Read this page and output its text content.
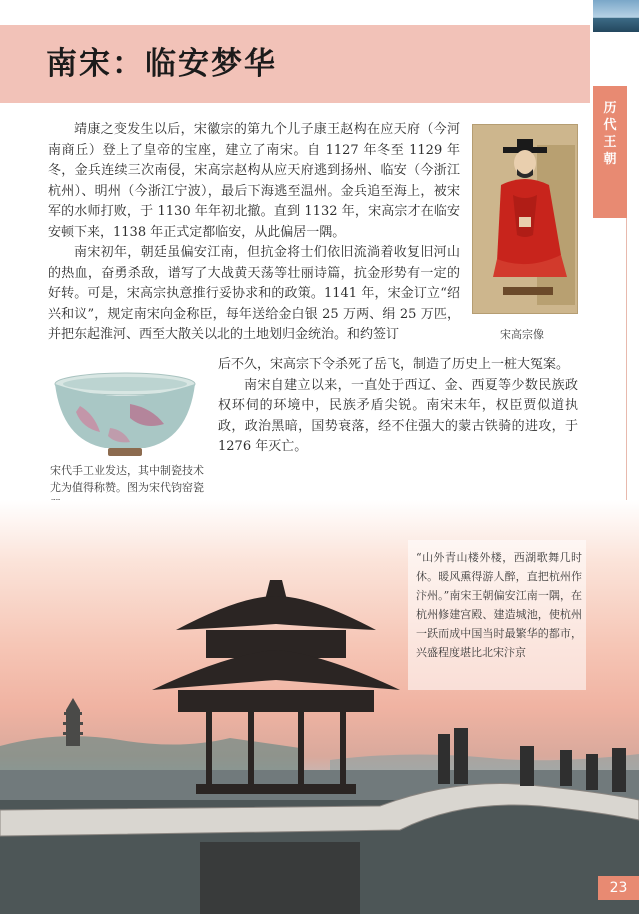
南宋：临安梦华
历代王朝
宋高宗像

靖康之变发生以后，宋徽宗的第九个儿子康王赵构在应天府（今河南商丘）登上了皇帝的宝座，建立了南宋。自 1127 年冬至 1129 年冬，金兵连续三次南侵，宋高宗赵构从应天府逃到扬州、临安（今浙江杭州）、明州（今浙江宁波），最后下海逃至温州。金兵追至海上，被宋军的水师打败，于 1130 年年初北撤。直到 1132 年，宋高宗才在临安安顿下来，1138 年正式定都临安，从此偏居一隅。

南宋初年，朝廷虽偏安江南，但抗金将士们依旧流淌着收复旧河山的热血，奋勇杀敌，谱写了大战黄天荡等壮丽诗篇，抗金形势有一定的好转。可是，宋高宗执意推行妥协求和的政策。1141 年，宋金订立“绍兴和议”，规定南宋向金称臣，每年送给金白银 25 万两、绢 25 万匹，并把东起淮河、西至大散关以北的土地划归金统治。和约签订

后不久，宋高宗下令杀死了岳飞，制造了历史上一桩大冤案。

南宋自建立以来，一直处于西辽、金、西夏等少数民族政权环伺的环境中，民族矛盾尖锐。南宋末年，权臣贾似道执政，政治黑暗，国势衰落，经不住强大的蒙古铁骑的进攻，于 1276 年灭亡。

宋代手工业发达，其中制瓷技术尤为值得称赞。图为宋代钧窑瓷
“山外青山楼外楼，西湖歌舞几时休。暖风熏得游人醉，直把杭州作汴州。”南宋王朝偏安江南一隅，在杭州修建宫殿、建造城池，使杭州一跃而成中国当时最繁华的都市，兴盛程度堪比北宋汴京
23
